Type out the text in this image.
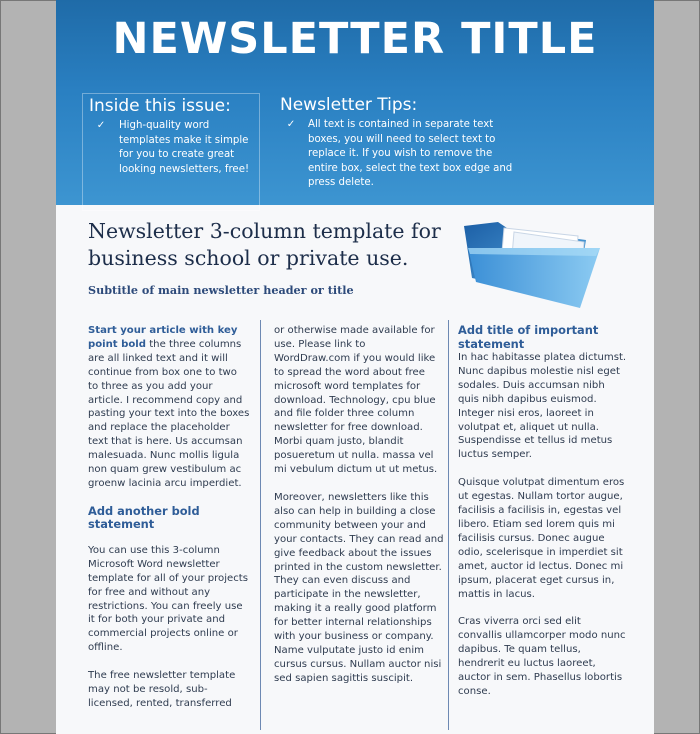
NEWSLETTER TITLE
Inside this issue:
✓	High-quality word templates make it simple for you to create great looking newsletters, free!
Newsletter Tips:
✓	All text is contained in separate text boxes, you will need to select text to replace it. If you wish to remove the entire box, select the text box edge and press delete.
Newsletter 3-column template for business school or private use.
Subtitle of main newsletter header or title

Start your article with key point bold the three columns are all linked text and it will continue from box one to two to three as you add your article. I recommend copy and pasting your text into the boxes and replace the placeholder text that is here. Us accumsan malesuada. Nunc mollis ligula non quam grew vestibulum ac groenw lacinia arcu imperdiet.

Add another bold statement

You can use this 3-column Microsoft Word newsletter template for all of your projects for free and without any restrictions. You can freely use it for both your private and commercial projects online or offline.

The free newsletter template may not be resold, sub-licensed, rented, transferred

or otherwise made available for use. Please link to WordDraw.com if you would like to spread the word about free microsoft word templates for download. Technology, cpu blue and file folder three column newsletter for free download. Morbi quam justo, blandit posueretum ut nulla. massa vel mi vebulum dictum ut ut metus.

Moreover, newsletters like this also can help in building a close community between your and your contacts. They can read and give feedback about the issues printed in the custom newsletter. They can even discuss and participate in the newsletter, making it a really good platform for better internal relationships with your business or company. Name vulputate justo id enim cursus cursus. Nullam auctor nisi sed sapien sagittis suscipit.

Add title of important statement

In hac habitasse platea dictumst. Nunc dapibus molestie nisl eget sodales. Duis accumsan nibh quis nibh dapibus euismod. Integer nisi eros, laoreet in volutpat et, aliquet ut nulla. Suspendisse et tellus id metus luctus semper.

Quisque volutpat dimentum eros ut egestas. Nullam tortor augue, facilisis a facilisis in, egestas vel libero. Etiam sed lorem quis mi facilisis cursus. Donec augue odio, scelerisque in imperdiet sit amet, auctor id lectus. Donec mi ipsum, placerat eget cursus in, mattis in lacus.

Cras viverra orci sed elit convallis ullamcorper modo nunc dapibus. Te quam tellus, hendrerit eu luctus laoreet, auctor in sem. Phasellus lobortis conse.
